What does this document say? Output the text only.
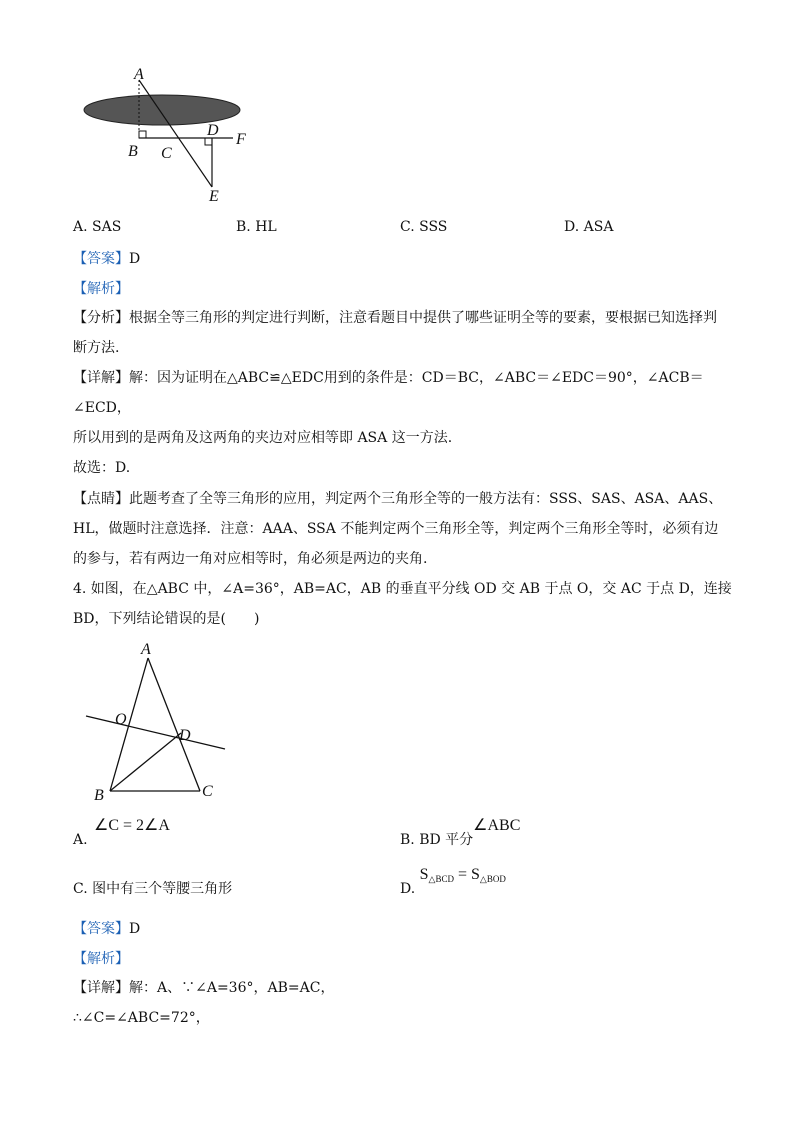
A
B C
D
F
E
A. SAS	B. HL	C. SSS	D. ASA
【答案】D
【解析】
【分析】根据全等三角形的判定进行判断，注意看题目中提供了哪些证明全等的要素，要根据已知选择判
断方法.
【详解】解：因为证明在△ABC≌△EDC用到的条件是：CD＝BC，∠ABC＝∠EDC＝90°，∠ACB＝
∠ECD，
所以用到的是两角及这两角的夹边对应相等即 ASA 这一方法.
故选：D.
【点睛】此题考查了全等三角形的应用，判定两个三角形全等的一般方法有：SSS、SAS、ASA、AAS、
HL，做题时注意选择．注意：AAA、SSA 不能判定两个三角形全等，判定两个三角形全等时，必须有边
的参与，若有两边一角对应相等时，角必须是两边的夹角.
4. 如图，在△ABC 中，∠A=36°，AB=AC，AB 的垂直平分线 OD 交 AB 于点 O，交 AC 于点 D，连接
BD，下列结论错误的是(　　)
A
O
D
B	C
A. ∠C = 2∠A
B. BD 平分∠ABC
C. 图中有三个等腰三角形	D. $S_{\triangle BCD} = S_{\triangle BOD}$
【答案】D
【解析】
【详解】解：A、∵∠A=36°，AB=AC，
∴∠C=∠ABC=72°，
